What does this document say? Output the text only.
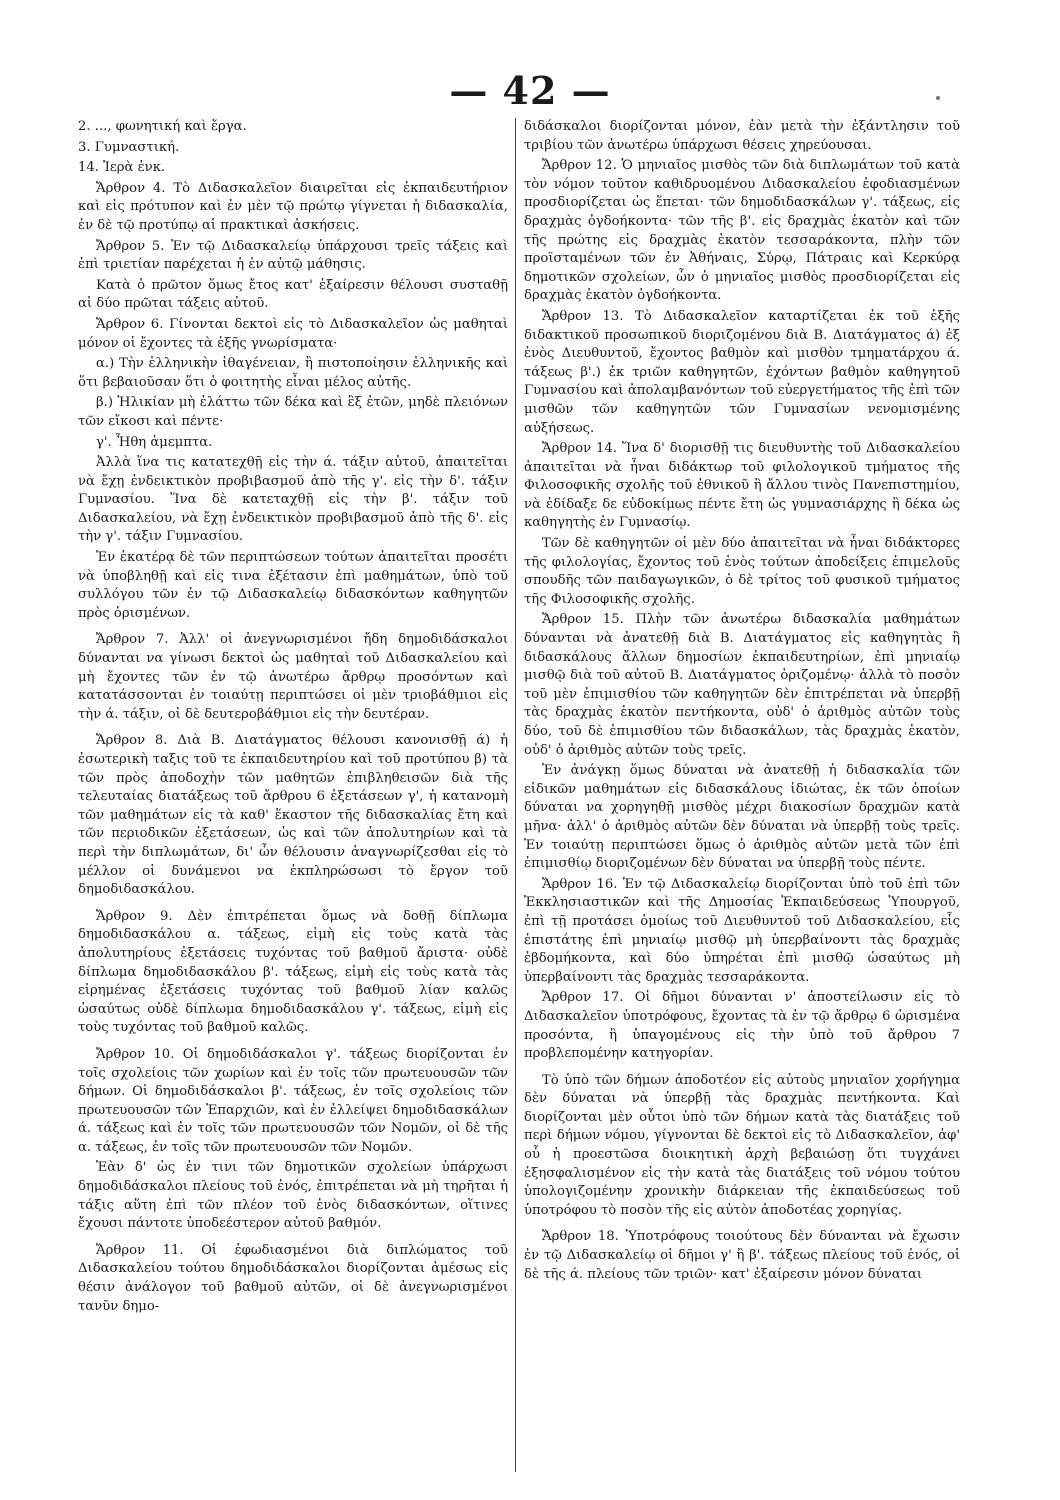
— 42 —

2. ..., φωνητική καὶ ἔργα.

3. Γυμναστική.

14. Ἱερὰ ἐνκ.

Ἄρθρον 4. Τὸ Διδασκαλεῖον διαιρεῖται εἰς ἐκπαιδευτήριον καὶ εἰς πρότυπον καὶ ἐν μὲν τῷ πρώτῳ γίγνεται ἡ διδασκαλία, ἐν δὲ τῷ προτύπῳ αἱ πρακτικαὶ ἀσκήσεις.

Ἄρθρον 5. Ἐν τῷ Διδασκαλείῳ ὑπάρχουσι τρεῖς τάξεις καὶ ἐπὶ τριετίαν παρέχεται ἡ ἐν αὐτῷ μάθησις.

Κατὰ ὁ πρῶτον ὅμως ἔτος κατ' ἐξαίρεσιν θέλουσι συσταθῇ αἱ δύο πρῶται τάξεις αὐτοῦ.

Ἄρθρον 6. Γίνονται δεκτοὶ εἰς τὸ Διδασκαλεῖον ὡς μαθηταὶ μόνον οἱ ἔχοντες τὰ ἑξῆς γνωρίσματα·

α.) Τὴν ἑλληνικὴν ἰθαγένειαν, ἢ πιστοποίησιν ἑλληνικῆς καὶ ὅτι βεβαιοῦσαν ὅτι ὁ φοιτητὴς εἶναι μέλος αὐτῆς.

β.) Ἡλικίαν μὴ ἐλάττω τῶν δέκα καὶ ἓξ ἐτῶν, μηδὲ πλειόνων τῶν εἴκοσι καὶ πέντε·

γ'. Ἦθη ἀμεμπτα.

Ἀλλὰ ἵνα τις κατατεχθῇ εἰς τὴν ά. τάξιν αὐτοῦ, ἀπαιτεῖται νὰ ἔχῃ ἐνδεικτικὸν προβιβασμοῦ ἀπὸ τῆς γ'. εἰς τὴν δ'. τάξιν Γυμνασίου. Ἵνα δὲ κατεταχθῇ εἰς τὴν β'. τάξιν τοῦ Διδασκαλείου, νὰ ἔχῃ ἐνδεικτικὸν προβιβασμοῦ ἀπὸ τῆς δ'. εἰς τὴν γ'. τάξιν Γυμνασίου.

Ἐν ἑκατέρᾳ δὲ τῶν περιπτώσεων τούτων ἀπαιτεῖται προσέτι νὰ ὑποβληθῇ καὶ εἰς τινα ἐξέτασιν ἐπὶ μαθημάτων, ὑπὸ τοῦ συλλόγου τῶν ἐν τῷ Διδασκαλείῳ διδασκόντων καθηγητῶν πρὸς ὁρισμένων.

Ἄρθρον 7. Ἀλλ' οἱ ἀνεγνωρισμένοι ἤδη δημοδιδάσκαλοι δύνανται να γίνωσι δεκτοὶ ὡς μαθηταὶ τοῦ Διδασκαλείου καὶ μὴ ἔχοντες τῶν ἐν τῷ ἀνωτέρω ἄρθρῳ προσόντων καὶ κατατάσσονται ἐν τοιαύτῃ περιπτώσει οἱ μὲν τριοβάθμιοι εἰς τὴν ά. τάξιν, οἱ δὲ δευτεροβάθμιοι εἰς τὴν δευτέραν.

Ἄρθρον 8. Διὰ Β. Διατάγματος θέλουσι κανονισθῇ ά) ἡ ἐσωτερικὴ ταξις τοῦ τε ἐκπαιδευτηρίου καὶ τοῦ προτύπου β) τὰ τῶν πρὸς ἀποδοχὴν τῶν μαθητῶν ἐπιβληθεισῶν διὰ τῆς τελευταίας διατάξεως τοῦ ἄρθρου 6 ἐξετάσεων γ', ἡ κατανομὴ τῶν μαθημάτων εἰς τὰ καθ' ἕκαστον τῆς διδασκαλίας ἔτη καὶ τῶν περιοδικῶν ἐξετάσεων, ὡς καὶ τῶν ἀπολυτηρίων καὶ τὰ περὶ τὴν διπλωμάτων, δι' ὧν θέλουσιν ἀναγνωρίζεσθαι εἰς τὸ μέλλον οἱ δυνάμενοι να ἐκπληρώσωσι τὸ ἔργον τοῦ δημοδιδασκάλου.

Ἄρθρον 9. Δὲν ἐπιτρέπεται ὅμως νὰ δοθῇ δίπλωμα δημοδιδασκάλου α. τάξεως, εἰμὴ εἰς τοὺς κατὰ τὰς ἀπολυτηρίους ἐξετάσεις τυχόντας τοῦ βαθμοῦ ἄριστα· οὐδὲ δίπλωμα δημοδιδασκάλου β'. τάξεως, εἰμὴ εἰς τοὺς κατὰ τὰς εἰρημένας ἐξετάσεις τυχόντας τοῦ βαθμοῦ λίαν καλῶς ὡσαύτως οὐδὲ δίπλωμα δημοδιδασκάλου γ'. τάξεως, εἰμὴ εἰς τοὺς τυχόντας τοῦ βαθμοῦ καλῶς.

Ἄρθρον 10. Οἱ δημοδιδάσκαλοι γ'. τάξεως διορίζονται ἐν τοῖς σχολείοις τῶν χωρίων καὶ ἐν τοῖς τῶν πρωτευουσῶν τῶν δήμων. Οἱ δημοδιδάσκαλοι β'. τάξεως, ἐν τοῖς σχολείοις τῶν πρωτευουσῶν τῶν Ἐπαρχιῶν, καὶ ἐν ἐλλείψει δημοδιδασκάλων ά. τάξεως καὶ ἐν τοῖς τῶν πρωτευουσῶν τῶν Νομῶν, οἱ δὲ τῆς α. τάξεως, ἐν τοῖς τῶν πρωτευουσῶν τῶν Νομῶν.

Ἐὰν δ' ὡς ἐν τινι τῶν δημοτικῶν σχολείων ὑπάρχωσι δημοδιδάσκαλοι πλείους τοῦ ἑνός, ἐπιτρέπεται νὰ μὴ τηρῆται ἡ τάξις αὕτη ἐπὶ τῶν πλέον τοῦ ἑνὸς διδασκόντων, οἵτινες ἔχουσι πάντοτε ὑποδεέστερον αὐτοῦ βαθμόν.

Ἄρθρον 11. Οἱ ἐφωδιασμένοι διὰ διπλώματος τοῦ Διδασκαλείου τούτου δημοδιδάσκαλοι διορίζονται ἀμέσως εἰς θέσιν ἀνάλογον τοῦ βαθμοῦ αὐτῶν, οἱ δὲ ἀνεγνωρισμένοι τανῦν δημο-

διδάσκαλοι διορίζονται μόνον, ἐὰν μετὰ τὴν ἐξάντλησιν τοῦ τριβίου τῶν ἀνωτέρω ὑπάρχωσι θέσεις χηρεύουσαι.

Ἄρθρον 12. Ὁ μηνιαῖος μισθὸς τῶν διὰ διπλωμάτων τοῦ κατὰ τὸν νόμον τοῦτον καθιδρυομένου Διδασκαλείου ἐφοδιασμένων προσδιορίζεται ὡς ἕπεται· τῶν δημοδιδασκάλων γ'. τάξεως, εἰς δραχμὰς ὀγδοήκοντα· τῶν τῆς β'. εἰς δραχμὰς ἑκατὸν καὶ τῶν τῆς πρώτης εἰς δραχμὰς ἑκατὸν τεσσαράκοντα, πλὴν τῶν προϊσταμένων τῶν ἐν Ἀθήναις, Σύρῳ, Πάτραις καὶ Κερκύρᾳ δημοτικῶν σχολείων, ὧν ὁ μηνιαῖος μισθὸς προσδιορίζεται εἰς δραχμὰς ἑκατὸν ὀγδοήκοντα.

Ἄρθρον 13. Τὸ Διδασκαλεῖον καταρτίζεται ἐκ τοῦ ἑξῆς διδακτικοῦ προσωπικοῦ διοριζομένου διὰ Β. Διατάγματος ά) ἐξ ἑνὸς Διευθυντοῦ, ἔχοντος βαθμὸν καὶ μισθὸν τμηματάρχου ά. τάξεως β'.) ἐκ τριῶν καθηγητῶν, ἐχόντων βαθμὸν καθηγητοῦ Γυμνασίου καὶ ἀπολαμβανόντων τοῦ εὐεργετήματος τῆς ἐπὶ τῶν μισθῶν τῶν καθηγητῶν τῶν Γυμνασίων νενομισμένης αὐξήσεως.

Ἄρθρον 14. Ἵνα δ' διορισθῇ τις διευθυντὴς τοῦ Διδασκαλείου ἀπαιτεῖται νὰ ἦναι διδάκτωρ τοῦ φιλολογικοῦ τμήματος τῆς Φιλοσοφικῆς σχολῆς τοῦ ἐθνικοῦ ἢ ἄλλου τινὸς Πανεπιστημίου, νὰ ἐδίδαξε δε εὐδοκίμως πέντε ἔτη ὡς γυμνασιάρχης ἢ δέκα ὡς καθηγητὴς ἐν Γυμνασίῳ.

Τῶν δὲ καθηγητῶν οἱ μὲν δύο ἀπαιτεῖται νὰ ἦναι διδάκτορες τῆς φιλολογίας, ἔχοντος τοῦ ἑνὸς τούτων ἀποδείξεις ἐπιμελοῦς σπουδῆς τῶν παιδαγωγικῶν, ὁ δὲ τρίτος τοῦ φυσικοῦ τμήματος τῆς Φιλοσοφικῆς σχολῆς.

Ἄρθρον 15. Πλὴν τῶν ἀνωτέρω διδασκαλία μαθημάτων δύνανται νὰ ἀνατεθῇ διὰ Β. Διατάγματος εἰς καθηγητὰς ἢ διδασκάλους ἄλλων δημοσίων ἐκπαιδευτηρίων, ἐπὶ μηνιαίῳ μισθῷ διὰ τοῦ αὐτοῦ Β. Διατάγματος ὁριζομένῳ· ἀλλὰ τὸ ποσὸν τοῦ μὲν ἐπιμισθίου τῶν καθηγητῶν δὲν ἐπιτρέπεται νὰ ὑπερβῇ τὰς δραχμὰς ἑκατὸν πεντήκοντα, οὐδ' ὁ ἀριθμὸς αὐτῶν τοὺς δύο, τοῦ δὲ ἐπιμισθίου τῶν διδασκάλων, τὰς δραχμὰς ἑκατὸν, οὐδ' ὁ ἀριθμὸς αὐτῶν τοὺς τρεῖς.

Ἐν ἀνάγκῃ ὅμως δύναται νὰ ἀνατεθῇ ἡ διδασκαλία τῶν εἰδικῶν μαθημάτων εἰς διδασκάλους ἰδιώτας, ἐκ τῶν ὁποίων δύναται να χορηγηθῇ μισθὸς μέχρι διακοσίων δραχμῶν κατὰ μῆνα· ἀλλ' ὁ ἀριθμὸς αὐτῶν δὲν δύναται νὰ ὑπερβῇ τοὺς τρεῖς. Ἐν τοιαύτῃ περιπτώσει ὅμως ὁ ἀριθμὸς αὐτῶν μετὰ τῶν ἐπὶ ἐπιμισθίῳ διοριζομένων δὲν δύναται να ὑπερβῇ τοὺς πέντε.

Ἄρθρον 16. Ἐν τῷ Διδασκαλείῳ διορίζονται ὑπὸ τοῦ ἐπὶ τῶν Ἐκκλησιαστικῶν καὶ τῆς Δημοσίας Ἐκπαιδεύσεως Ὑπουργοῦ, ἐπὶ τῇ προτάσει ὁμοίως τοῦ Διευθυντοῦ τοῦ Διδασκαλείου, εἷς ἐπιστάτης ἐπὶ μηνιαίῳ μισθῷ μὴ ὑπερβαίνοντι τὰς δραχμὰς ἑβδομήκοντα, καὶ δύο ὑπηρέται ἐπὶ μισθῷ ὡσαύτως μὴ ὑπερβαίνοντι τὰς δραχμὰς τεσσαράκοντα.

Ἄρθρον 17. Οἱ δῆμοι δύνανται ν' ἀποστείλωσιν εἰς τὸ Διδασκαλεῖον ὑποτρόφους, ἔχοντας τὰ ἐν τῷ ἄρθρῳ 6 ὡρισμένα προσόντα, ἢ ὑπαγομένους εἰς τὴν ὑπὸ τοῦ ἄρθρου 7 προβλεπομένην κατηγορίαν.

Τὸ ὑπὸ τῶν δήμων ἀποδοτέον εἰς αὐτοὺς μηνιαῖον χορήγημα δὲν δύναται νὰ ὑπερβῇ τὰς δραχμὰς πεντήκοντα. Καὶ διορίζονται μὲν οὗτοι ὑπὸ τῶν δήμων κατὰ τὰς διατάξεις τοῦ περὶ δήμων νόμου, γίγνονται δὲ δεκτοὶ εἰς τὸ Διδασκαλεῖον, ἀφ' οὗ ἡ προεστῶσα διοικητικὴ ἀρχὴ βεβαιώσῃ ὅτι τυγχάνει ἐξησφαλισμένον εἰς τὴν κατὰ τὰς διατάξεις τοῦ νόμου τούτου ὑπολογιζομένην χρονικὴν διάρκειαν τῆς ἐκπαιδεύσεως τοῦ ὑποτρόφου τὸ ποσὸν τῆς εἰς αὐτὸν ἀποδοτέας χορηγίας.

Ἄρθρον 18. Ὑποτρόφους τοιούτους δὲν δύνανται νὰ ἔχωσιν ἐν τῷ Διδασκαλείῳ οἱ δῆμοι γ' ἢ β'. τάξεως πλείους τοῦ ἑνός, οἱ δὲ τῆς ά. πλείους τῶν τριῶν· κατ' ἐξαίρεσιν μόνον δύναται
